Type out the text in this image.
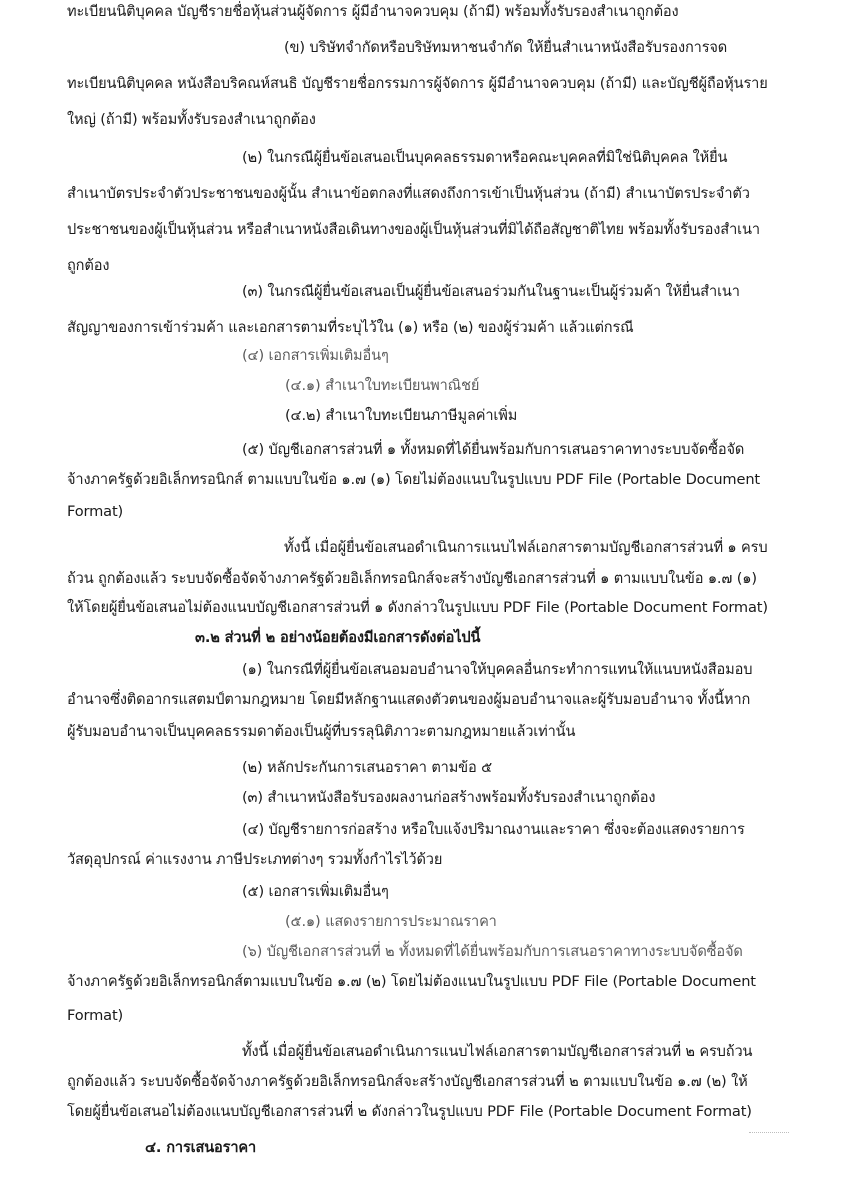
ทะเบียนนิติบุคคล บัญชีรายชื่อหุ้นส่วนผู้จัดการ ผู้มีอำนาจควบคุม (ถ้ามี) พร้อมทั้งรับรองสำเนาถูกต้อง
(ข) บริษัทจำกัดหรือบริษัทมหาชนจำกัด ให้ยื่นสำเนาหนังสือรับรองการจด
ทะเบียนนิติบุคคล หนังสือบริคณห์สนธิ บัญชีรายชื่อกรรมการผู้จัดการ ผู้มีอำนาจควบคุม (ถ้ามี) และบัญชีผู้ถือหุ้นราย
ใหญ่ (ถ้ามี) พร้อมทั้งรับรองสำเนาถูกต้อง
(๒) ในกรณีผู้ยื่นข้อเสนอเป็นบุคคลธรรมดาหรือคณะบุคคลที่มิใช่นิติบุคคล ให้ยื่น
สำเนาบัตรประจำตัวประชาชนของผู้นั้น สำเนาข้อตกลงที่แสดงถึงการเข้าเป็นหุ้นส่วน (ถ้ามี) สำเนาบัตรประจำตัว
ประชาชนของผู้เป็นหุ้นส่วน หรือสำเนาหนังสือเดินทางของผู้เป็นหุ้นส่วนที่มิได้ถือสัญชาติไทย พร้อมทั้งรับรองสำเนา
ถูกต้อง
(๓) ในกรณีผู้ยื่นข้อเสนอเป็นผู้ยื่นข้อเสนอร่วมกันในฐานะเป็นผู้ร่วมค้า ให้ยื่นสำเนา
สัญญาของการเข้าร่วมค้า และเอกสารตามที่ระบุไว้ใน (๑) หรือ (๒) ของผู้ร่วมค้า แล้วแต่กรณี
(๔) เอกสารเพิ่มเติมอื่นๆ
(๔.๑) สำเนาใบทะเบียนพาณิชย์
(๔.๒) สำเนาใบทะเบียนภาษีมูลค่าเพิ่ม
(๕) บัญชีเอกสารส่วนที่ ๑ ทั้งหมดที่ได้ยื่นพร้อมกับการเสนอราคาทางระบบจัดซื้อจัด
จ้างภาครัฐด้วยอิเล็กทรอนิกส์ ตามแบบในข้อ ๑.๗ (๑) โดยไม่ต้องแนบในรูปแบบ PDF File (Portable Document
Format)
ทั้งนี้ เมื่อผู้ยื่นข้อเสนอดำเนินการแนบไฟล์เอกสารตามบัญชีเอกสารส่วนที่ ๑ ครบ
ถ้วน ถูกต้องแล้ว ระบบจัดซื้อจัดจ้างภาครัฐด้วยอิเล็กทรอนิกส์จะสร้างบัญชีเอกสารส่วนที่ ๑ ตามแบบในข้อ ๑.๗ (๑)
ให้โดยผู้ยื่นข้อเสนอไม่ต้องแนบบัญชีเอกสารส่วนที่ ๑ ดังกล่าวในรูปแบบ PDF File (Portable Document Format)
๓.๒ ส่วนที่ ๒ อย่างน้อยต้องมีเอกสารดังต่อไปนี้
(๑) ในกรณีที่ผู้ยื่นข้อเสนอมอบอำนาจให้บุคคลอื่นกระทำการแทนให้แนบหนังสือมอบ
อำนาจซึ่งติดอากรแสตมป์ตามกฎหมาย โดยมีหลักฐานแสดงตัวตนของผู้มอบอำนาจและผู้รับมอบอำนาจ ทั้งนี้หาก
ผู้รับมอบอำนาจเป็นบุคคลธรรมดาต้องเป็นผู้ที่บรรลุนิติภาวะตามกฎหมายแล้วเท่านั้น
(๒) หลักประกันการเสนอราคา ตามข้อ ๕
(๓) สำเนาหนังสือรับรองผลงานก่อสร้างพร้อมทั้งรับรองสำเนาถูกต้อง
(๔) บัญชีรายการก่อสร้าง หรือใบแจ้งปริมาณงานและราคา ซึ่งจะต้องแสดงรายการ
วัสดุอุปกรณ์ ค่าแรงงาน ภาษีประเภทต่างๆ รวมทั้งกำไรไว้ด้วย
(๕) เอกสารเพิ่มเติมอื่นๆ
(๕.๑) แสดงรายการประมาณราคา
(๖) บัญชีเอกสารส่วนที่ ๒ ทั้งหมดที่ได้ยื่นพร้อมกับการเสนอราคาทางระบบจัดซื้อจัด
จ้างภาครัฐด้วยอิเล็กทรอนิกส์ตามแบบในข้อ ๑.๗ (๒) โดยไม่ต้องแนบในรูปแบบ PDF File (Portable Document
Format)
ทั้งนี้ เมื่อผู้ยื่นข้อเสนอดำเนินการแนบไฟล์เอกสารตามบัญชีเอกสารส่วนที่ ๒ ครบถ้วน
ถูกต้องแล้ว ระบบจัดซื้อจัดจ้างภาครัฐด้วยอิเล็กทรอนิกส์จะสร้างบัญชีเอกสารส่วนที่ ๒ ตามแบบในข้อ ๑.๗ (๒) ให้
โดยผู้ยื่นข้อเสนอไม่ต้องแนบบัญชีเอกสารส่วนที่ ๒ ดังกล่าวในรูปแบบ PDF File (Portable Document Format)
๔. การเสนอราคา
